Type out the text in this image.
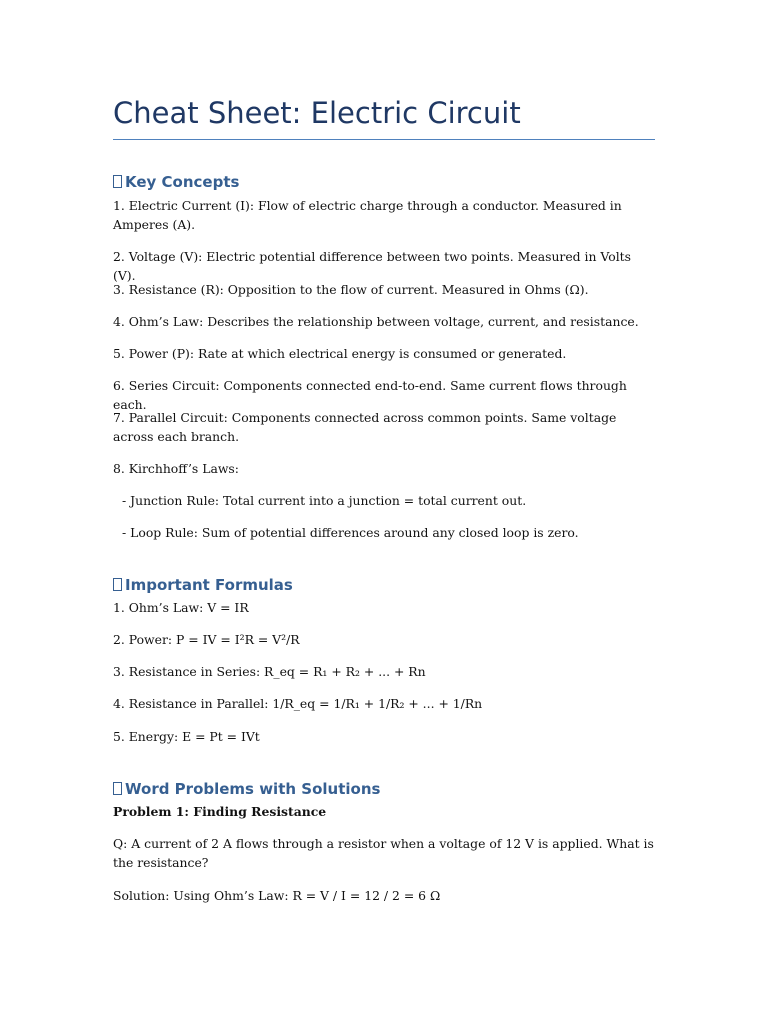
Cheat Sheet: Electric Circuit
Key Concepts

1. Electric Current (I): Flow of electric charge through a conductor. Measured in Amperes (A).

2. Voltage (V): Electric potential difference between two points. Measured in Volts (V).

3. Resistance (R): Opposition to the flow of current. Measured in Ohms (Ω).

4. Ohm’s Law: Describes the relationship between voltage, current, and resistance.

5. Power (P): Rate at which electrical energy is consumed or generated.

6. Series Circuit: Components connected end-to-end. Same current flows through each.

7. Parallel Circuit: Components connected across common points. Same voltage across each branch.

8. Kirchhoff’s Laws:

- Junction Rule: Total current into a junction = total current out.

- Loop Rule: Sum of potential differences around any closed loop is zero.

Important Formulas

1. Ohm’s Law: V = IR

2. Power: P = IV = I²R = V²/R

3. Resistance in Series: R_eq = R₁ + R₂ + ... + Rn

4. Resistance in Parallel: 1/R_eq = 1/R₁ + 1/R₂ + ... + 1/Rn

5. Energy: E = Pt = IVt

Word Problems with Solutions

Problem 1: Finding Resistance

Q: A current of 2 A flows through a resistor when a voltage of 12 V is applied. What is the resistance?

Solution: Using Ohm’s Law: R = V / I = 12 / 2 = 6 Ω
